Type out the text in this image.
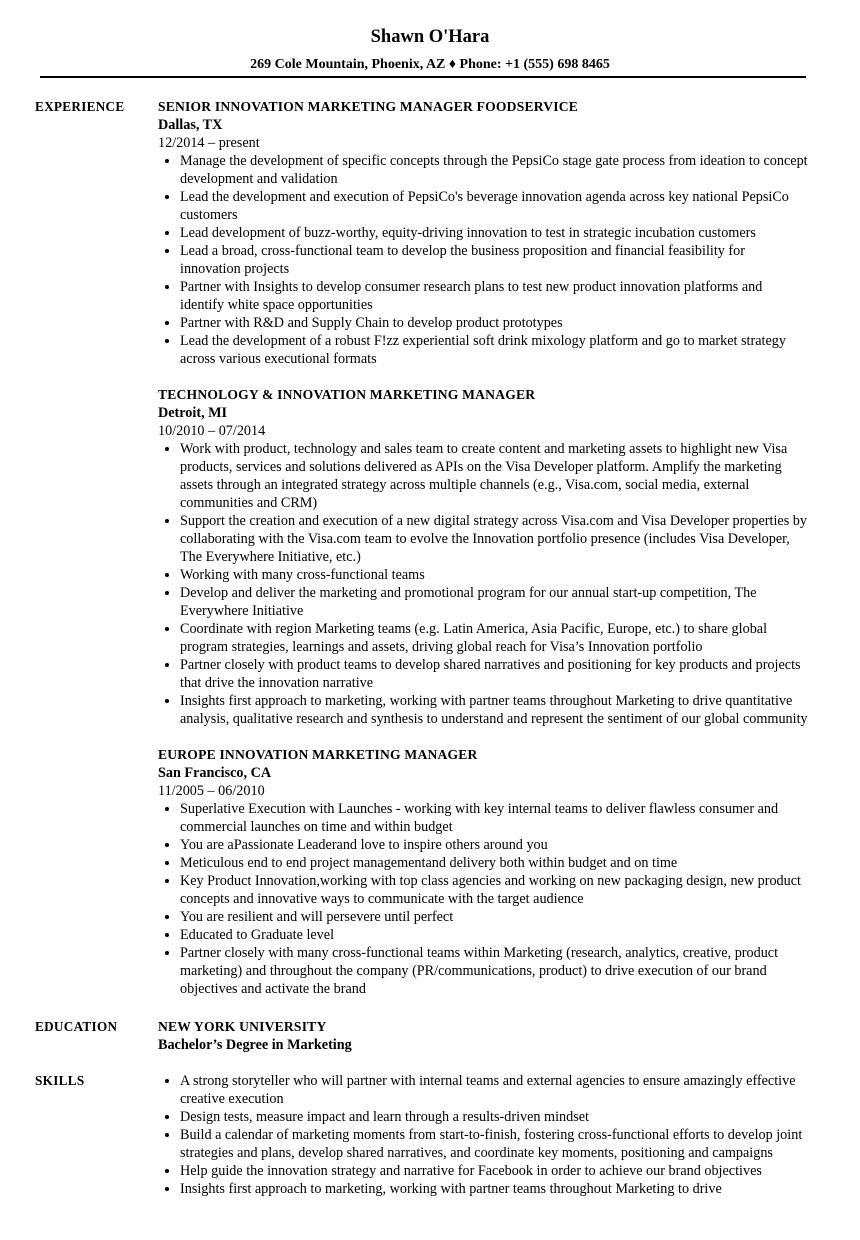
Shawn O'Hara
269 Cole Mountain, Phoenix, AZ ♦ Phone: +1 (555) 698 8465
EXPERIENCE SENIOR INNOVATION MARKETING MANAGER FOODSERVICE
Dallas, TX
12/2014 – present
• Manage the development of specific concepts through the PepsiCo stage gate process from ideation to concept development and validation
• Lead the development and execution of PepsiCo's beverage innovation agenda across key national PepsiCo customers
• Lead development of buzz-worthy, equity-driving innovation to test in strategic incubation customers
• Lead a broad, cross-functional team to develop the business proposition and financial feasibility for innovation projects
• Partner with Insights to develop consumer research plans to test new product innovation platforms and identify white space opportunities
• Partner with R&D and Supply Chain to develop product prototypes
• Lead the development of a robust F!zz experiential soft drink mixology platform and go to market strategy across various executional formats
TECHNOLOGY & INNOVATION MARKETING MANAGER
Detroit, MI
10/2010 – 07/2014
• Work with product, technology and sales team to create content and marketing assets to highlight new Visa products, services and solutions delivered as APIs on the Visa Developer platform. Amplify the marketing assets through an integrated strategy across multiple channels (e.g., Visa.com, social media, external communities and CRM)
• Support the creation and execution of a new digital strategy across Visa.com and Visa Developer properties by collaborating with the Visa.com team to evolve the Innovation portfolio presence (includes Visa Developer, The Everywhere Initiative, etc.)
• Working with many cross-functional teams
• Develop and deliver the marketing and promotional program for our annual start-up competition, The Everywhere Initiative
• Coordinate with region Marketing teams (e.g. Latin America, Asia Pacific, Europe, etc.) to share global program strategies, learnings and assets, driving global reach for Visa’s Innovation portfolio
• Partner closely with product teams to develop shared narratives and positioning for key products and projects that drive the innovation narrative
• Insights first approach to marketing, working with partner teams throughout Marketing to drive quantitative analysis, qualitative research and synthesis to understand and represent the sentiment of our global community
EUROPE INNOVATION MARKETING MANAGER
San Francisco, CA
11/2005 – 06/2010
• Superlative Execution with Launches - working with key internal teams to deliver flawless consumer and commercial launches on time and within budget
• You are aPassionate Leaderand love to inspire others around you
• Meticulous end to end project managementand delivery both within budget and on time
• Key Product Innovation,working with top class agencies and working on new packaging design, new product concepts and innovative ways to communicate with the target audience
• You are resilient and will persevere until perfect
• Educated to Graduate level
• Partner closely with many cross-functional teams within Marketing (research, analytics, creative, product marketing) and throughout the company (PR/communications, product) to drive execution of our brand objectives and activate the brand
EDUCATION	NEW YORK UNIVERSITY
Bachelor’s Degree in Marketing
SKILLS
•	A strong storyteller who will partner with internal teams and external agencies to ensure amazingly effective creative execution
• Design tests, measure impact and learn through a results-driven mindset
• Build a calendar of marketing moments from start-to-finish, fostering cross-functional efforts to develop joint strategies and plans, develop shared narratives, and coordinate key moments, positioning and campaigns
• Help guide the innovation strategy and narrative for Facebook in order to achieve our brand objectives
• Insights first approach to marketing, working with partner teams throughout Marketing to drive
